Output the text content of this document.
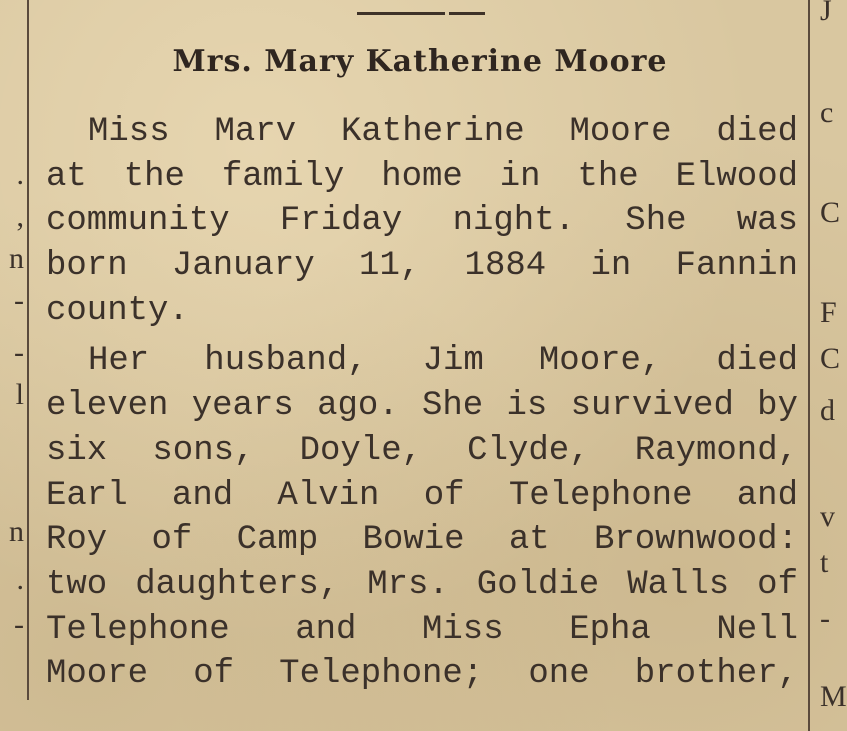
Mrs. Mary Katherine Moore
Miss Marv Katherine Moore died
at the family home in the Elwood
community Friday night. She was
born January 11, 1884 in Fannin
county.
Her husband, Jim Moore, died
eleven years ago. She is survived by
six sons, Doyle, Clyde, Raymond,
Earl and Alvin of Telephone and
Roy of Camp Bowie at Brownwood:
two daughters, Mrs. Goldie Walls of
Telephone and Miss Epha Nell
Moore of Telephone; one brother,
.
,
n
-
-
l
n
.
-
J
c
C
F
C
d
v
t
-
M
